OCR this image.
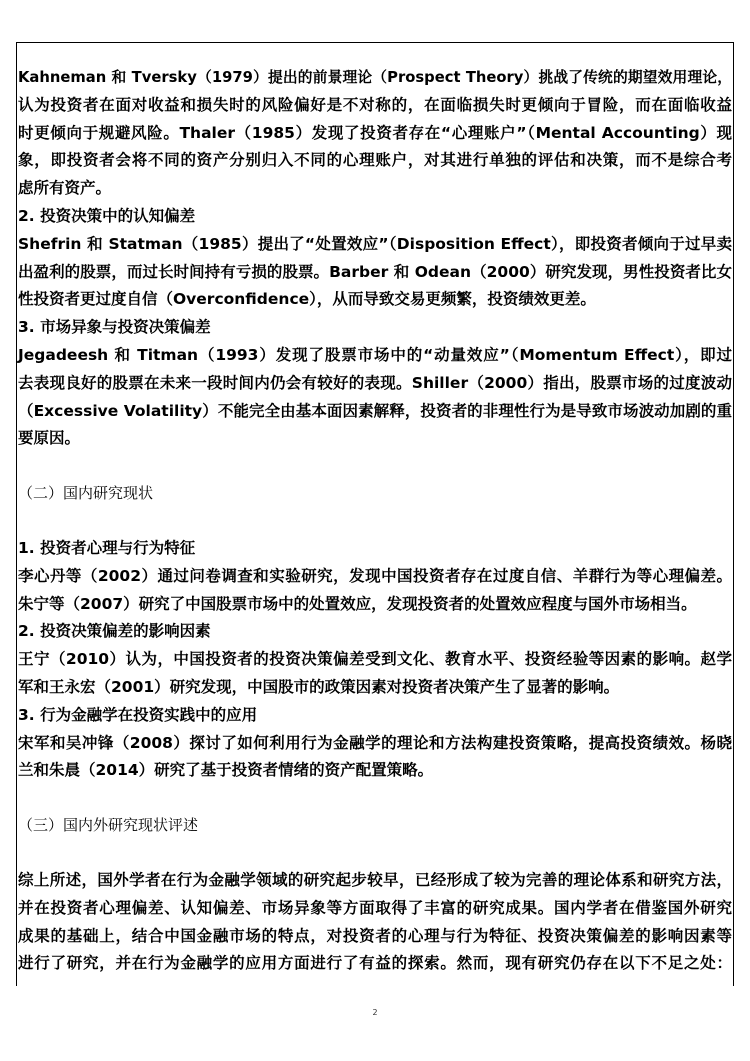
Kahneman 和 Tversky（1979）提出的前景理论（Prospect Theory）挑战了传统的期望效用理论，
认为投资者在面对收益和损失时的风险偏好是不对称的，在面临损失时更倾向于冒险，而在面临收益
时更倾向于规避风险。Thaler（1985）发现了投资者存在“心理账户”（Mental Accounting）现
象，即投资者会将不同的资产分别归入不同的心理账户，对其进行单独的评估和决策，而不是综合考
虑所有资产。
2. 投资决策中的认知偏差
Shefrin 和 Statman（1985）提出了“处置效应”（Disposition Effect），即投资者倾向于过早卖
出盈利的股票，而过长时间持有亏损的股票。Barber 和 Odean（2000）研究发现，男性投资者比女
性投资者更过度自信（Overconfidence），从而导致交易更频繁，投资绩效更差。
3. 市场异象与投资决策偏差
Jegadeesh 和 Titman（1993）发现了股票市场中的“动量效应”（Momentum Effect），即过
去表现良好的股票在未来一段时间内仍会有较好的表现。Shiller（2000）指出，股票市场的过度波动
（Excessive Volatility）不能完全由基本面因素解释，投资者的非理性行为是导致市场波动加剧的重
要原因。
（二）国内研究现状
1. 投资者心理与行为特征
李心丹等（2002）通过问卷调查和实验研究，发现中国投资者存在过度自信、羊群行为等心理偏差。
朱宁等（2007）研究了中国股票市场中的处置效应，发现投资者的处置效应程度与国外市场相当。
2. 投资决策偏差的影响因素
王宁（2010）认为，中国投资者的投资决策偏差受到文化、教育水平、投资经验等因素的影响。赵学
军和王永宏（2001）研究发现，中国股市的政策因素对投资者决策产生了显著的影响。
3. 行为金融学在投资实践中的应用
宋军和吴冲锋（2008）探讨了如何利用行为金融学的理论和方法构建投资策略，提高投资绩效。杨晓
兰和朱晨（2014）研究了基于投资者情绪的资产配置策略。
（三）国内外研究现状评述
综上所述，国外学者在行为金融学领域的研究起步较早，已经形成了较为完善的理论体系和研究方法，
并在投资者心理偏差、认知偏差、市场异象等方面取得了丰富的研究成果。国内学者在借鉴国外研究
成果的基础上，结合中国金融市场的特点，对投资者的心理与行为特征、投资决策偏差的影响因素等
进行了研究，并在行为金融学的应用方面进行了有益的探索。然而，现有研究仍存在以下不足之处：
2
